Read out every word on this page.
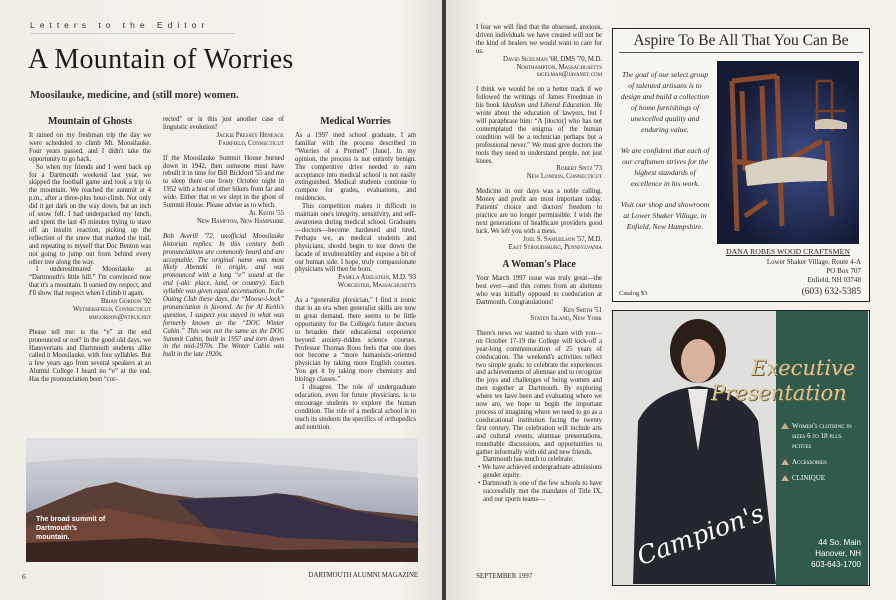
Letters to the Editor
A Mountain of Worries
Moosilauke, medicine, and (still more) women.
Mountain of Ghosts

It rained on my freshman trip the day we were scheduled to climb Mt. Moosilauke. Four years passed, and I didn't take the opportunity to go back.

So when my friends and I went back up for a Dartmouth weekend last year, we skipped the football game and took a trip to the mountain. We reached the summit at 4 p.m., after a three-plus hour-climb. Not only did it get dark on the way down, but an inch of snow fell. I had underpacked my lunch, and spent the last 45 minutes trying to stave off an insulin reaction, picking up the reflection of the snow that marked the trail, and repeating to myself that Doc Benton was not going to jump out from behind every other tree along the way.

I underestimated Moosilauke as “Dartmouth's little hill.” I'm convinced now that it's a mountain. It earned my respect, and I'll show that respect when I climb it again.

Brian Gordon '92
Wethersfield, Connecticut
bmgordon@ntplx.net

Please tell me: is the “e” at the end pronounced or not? In the good old days, we Hanoverians and Dartmouth students alike called it Moosilauke, with four syllables. But a few years ago from several speakers at an Alumni College I heard no “e” at the end. Has the pronunciation been “cor-

rected” or is this just another case of linguistic evolution?

Jackie Pressey Heneage
Fairfield, Connecticut

If the Moosilauke Summit House burned down in 1942, then someone must have rebuilt it in time for Bill Bickford '55 and me to sleep there one frosty October night in 1952 with a host of other hikers from far and wide. Either that or we slept in the ghost of Summit House. Please advise as to which.

Al Keith '55
New Hampton, New Hampshire

Bob Averill '72, unofficial Moosilauke historian replies: In this century both pronunciations are commonly heard and are acceptable. The original name was most likely Abenaki in origin, and was pronounced with a long “e” sound at the end (-aki: place, land, or country). Each syllable was given equal accentuation. In the Outing Club these days, the “Moose-i-lock” pronunciation is favored. As for Al Keith's question, I suspect you stayed in what was formerly known as the “DOC Winter Cabin.” This was not the same as the DOC Summit Cabin, built in 1957 and torn down in the mid-1970s. The Winter Cabin was built in the late 1920s.

Medical Worries

As a 1997 med school graduate, I am familiar with the process described in “Worries of a Premed” [June]. In my opinion, the process is not entirely benign. The competitive drive needed to earn acceptance into medical school is not easily extinguished. Medical students continue to compete for grades, evaluations, and residencies.

This competition makes it difficult to maintain one's integrity, sensitivity, and self-awareness during medical school. Graduates—doctors—become hardened and tired. Perhaps we, as medical students and physicians, should begin to tear down the facade of invulnerability and expose a bit of our human side. I hope, truly compassionate physicians will then be born.

Pamela Adelstein, M.D. '93
Worcester, Massachusetts

As a “generalist physician,” I find it ironic that in an era when generalist skills are now in great demand, there seems to be little opportunity for the College's future doctors to broaden their educational experience beyond anxiety-ridden science courses. Professor Thomas Roos feels that one does not become a “more humanistic-oriented physician by taking more English courses. You get it by taking more chemistry and biology classes.”

I disagree. The role of undergraduate education, even for future physicians, is to encourage students to explore the human condition. The role of a medical school is to teach its students the specifics of orthopedics and nutrition.

The broad summit of Dartmouth's mountain.
6	DARTMOUTH ALUMNI MAGAZINE

I fear we will find that the obsessed, anxious, driven individuals we have created will not be the kind of healers we would want to care for us.

David Sigelman '68, DMS '70, M.D.
Northampton, Massachusetts
sigelman@javanet.com

I think we would be on a better track if we followed the writings of James Freedman in his book Idealism and Liberal Education. He wrote about the education of lawyers, but I will paraphrase him: “A [doctor] who has not contemplated the enigma of the human condition will be a technician perhaps but a professional never.” We must give doctors the tools they need to understand people, not just knees.

Robert Spitz '73
New London, Connecticut

Medicine in our days was a noble calling. Money and profit are most important today. Patients' choice and doctors' freedom to practice are no longer permissible. I wish the next generations of healthcare providers good luck. We left you with a mess.

Joel S. Samuelson '57, M.D.
East Stroudsburg, Pennsylvania
A Woman's Place

Your March 1997 issue was truly great—the best ever—and this comes from an alumnus who was initially opposed to coeducation at Dartmouth. Congratulations!

Ken Smith '51
Staten Island, New York

There's news we wanted to share with you—on October 17-19 the College will kick-off a year-long commemoration of 25 years of coeducation. The weekend's activities reflect two simple goals: to celebrate the experiences and achievements of alumnae and to recognize the joys and challenges of being women and men together at Dartmouth. By exploring where we have been and evaluating where we now are, we hope to begin the important process of imagining where we need to go as a coeducational institution facing the twenty first century. The celebration will include arts and cultural events, alumnae presentations, roundtable discussions, and opportunities to gather informally with old and new friends.

Dartmouth has much to celebrate:

• We have achieved undergraduate admissions gender equity.
• Dartmouth is one of the few schools to have successfully met the mandates of Title IX, and our sports teams—
SEPTEMBER 1997
Aspire To Be All That You Can Be
The goal of our select group of talented artisans is to design and build a collection of home furnishings of unexcelled quality and enduring value.
We are confident that each of our craftsmen strives for the highest standards of excellence in his work.
Visit our shop and showroom at Lower Shaker Village, in Enfield, New Hampshire.
DANA ROBES WOOD CRAFTSMEN
Lower Shaker Village, Route 4-A
PO Box 707
Enfield, NH 03748
(603) 632-5385
Catalog $3
Executive
Presentation
Women's clothing in sizes 6 to 18 plus petites
Accessories
CLINIQUE
Campion's	44 So. Main
Hanover, NH
603-643-1700
